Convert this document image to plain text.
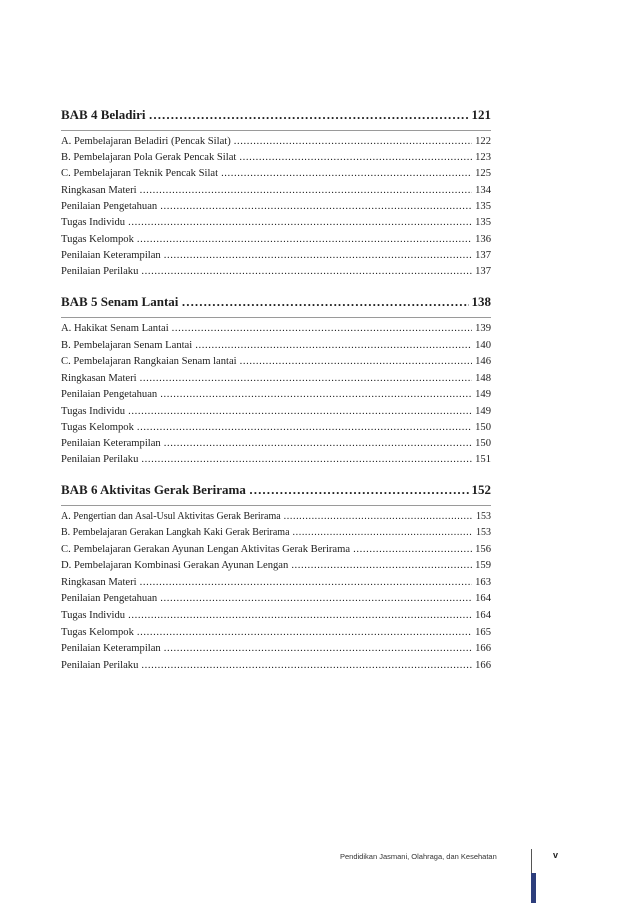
BAB 4 Beladiri …………………………………………………………………………………………………………………………………………	121
A. Pembelajaran Beladiri (Pencak Silat) .....	122
B. Pembelajaran Pola Gerak Pencak Silat .....	123
C. Pembelajaran Teknik Pencak Silat .....	125
Ringkasan Materi .....	134
Penilaian Pengetahuan .....	135
Tugas Individu .....	135
Tugas Kelompok .....	136
Penilaian Keterampilan .....	137
Penilaian Perilaku .....	137
BAB 5 Senam Lantai …………………………………………………………………………………………………………………………………………	138
A. Hakikat Senam Lantai .....	139
B. Pembelajaran Senam Lantai .....	140
C. Pembelajaran Rangkaian Senam lantai .....	146
Ringkasan Materi .....	148
Penilaian Pengetahuan .....	149
Tugas Individu .....	149
Tugas Kelompok .....	150
Penilaian Keterampilan .....	150
Penilaian Perilaku .....	151
BAB 6 Aktivitas Gerak Berirama …………………………………………………………………………………………………………………………………………	152
A. Pengertian dan Asal-Usul Aktivitas Gerak Berirama .....	153
B. Pembelajaran Gerakan Langkah Kaki Gerak Berirama .....	153
C. Pembelajaran Gerakan Ayunan Lengan Aktivitas Gerak Berirama .....	156
D. Pembelajaran Kombinasi Gerakan Ayunan Lengan .....	159
Ringkasan Materi .....	163
Penilaian Pengetahuan .....	164
Tugas Individu .....	164
Tugas Kelompok .....	165
Penilaian Keterampilan .....	166
Penilaian Perilaku .....	166
Pendidikan Jasmani, Olahraga, dan Kesehatan	v
